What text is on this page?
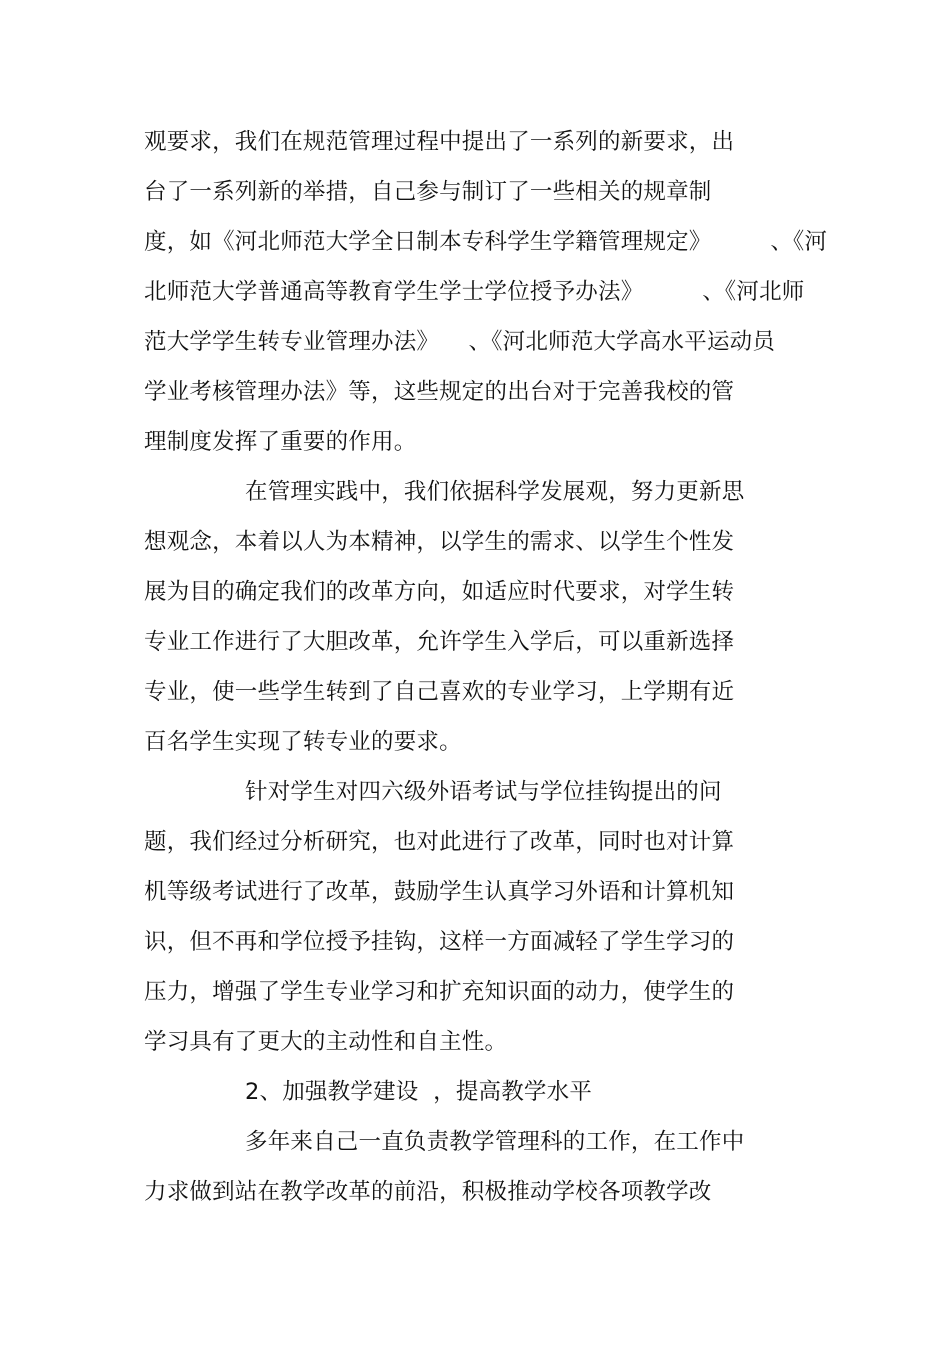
观要求，我们在规范管理过程中提出了一系列的新要求，出
台了一系列新的举措，自己参与制订了一些相关的规章制
度，如《河北师范大学全日制本专科学生学籍管理规定》        、《河
北师范大学普通高等教育学生学士学位授予办法》        、《河北师
范大学学生转专业管理办法》    、《河北师范大学高水平运动员
学业考核管理办法》等，这些规定的出台对于完善我校的管
理制度发挥了重要的作用。
在管理实践中，我们依据科学发展观，努力更新思
想观念，本着以人为本精神，以学生的需求、以学生个性发
展为目的确定我们的改革方向，如适应时代要求，对学生转
专业工作进行了大胆改革，允许学生入学后，可以重新选择
专业，使一些学生转到了自己喜欢的专业学习，上学期有近
百名学生实现了转专业的要求。
针对学生对四六级外语考试与学位挂钩提出的问
题，我们经过分析研究，也对此进行了改革，同时也对计算
机等级考试进行了改革，鼓励学生认真学习外语和计算机知
识，但不再和学位授予挂钩，这样一方面减轻了学生学习的
压力，增强了学生专业学习和扩充知识面的动力，使学生的
学习具有了更大的主动性和自主性。
2、加强教学建设  ，提高教学水平
多年来自己一直负责教学管理科的工作，在工作中
力求做到站在教学改革的前沿，积极推动学校各项教学改
